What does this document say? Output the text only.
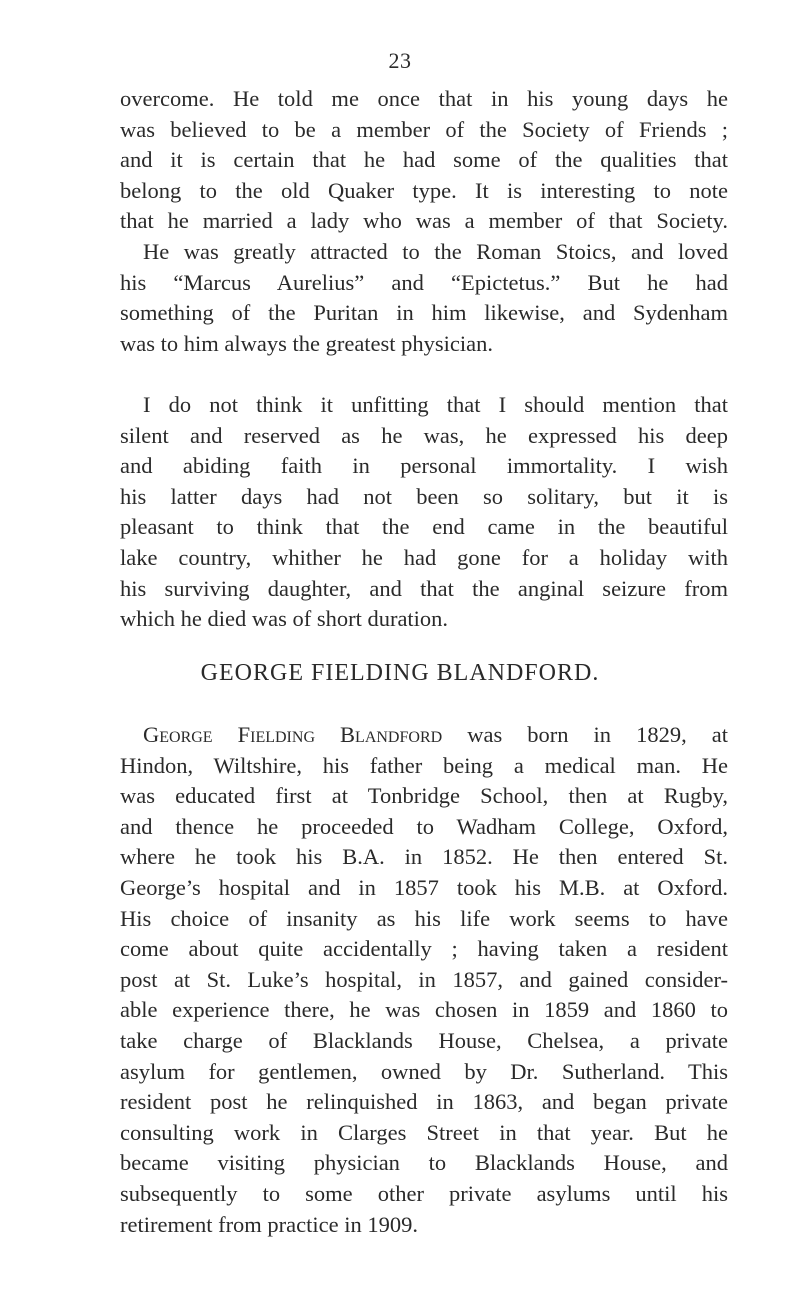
23
overcome. He told me once that in his young days he
was believed to be a member of the Society of Friends ;
and it is certain that he had some of the qualities that
belong to the old Quaker type. It is interesting to note
that he married a lady who was a member of that Society.
He was greatly attracted to the Roman Stoics, and loved
his “Marcus Aurelius” and “Epictetus.” But he had
something of the Puritan in him likewise, and Sydenham
was to him always the greatest physician.
I do not think it unfitting that I should mention that
silent and reserved as he was, he expressed his deep
and abiding faith in personal immortality. I wish
his latter days had not been so solitary, but it is
pleasant to think that the end came in the beautiful
lake country, whither he had gone for a holiday with
his surviving daughter, and that the anginal seizure from
which he died was of short duration.
GEORGE FIELDING BLANDFORD.
George Fielding Blandford was born in 1829, at
Hindon, Wiltshire, his father being a medical man. He
was educated first at Tonbridge School, then at Rugby,
and thence he proceeded to Wadham College, Oxford,
where he took his B.A. in 1852. He then entered St.
George’s hospital and in 1857 took his M.B. at Oxford.
His choice of insanity as his life work seems to have
come about quite accidentally ; having taken a resident
post at St. Luke’s hospital, in 1857, and gained consider-
able experience there, he was chosen in 1859 and 1860 to
take charge of Blacklands House, Chelsea, a private
asylum for gentlemen, owned by Dr. Sutherland. This
resident post he relinquished in 1863, and began private
consulting work in Clarges Street in that year. But he
became visiting physician to Blacklands House, and
subsequently to some other private asylums until his
retirement from practice in 1909.
